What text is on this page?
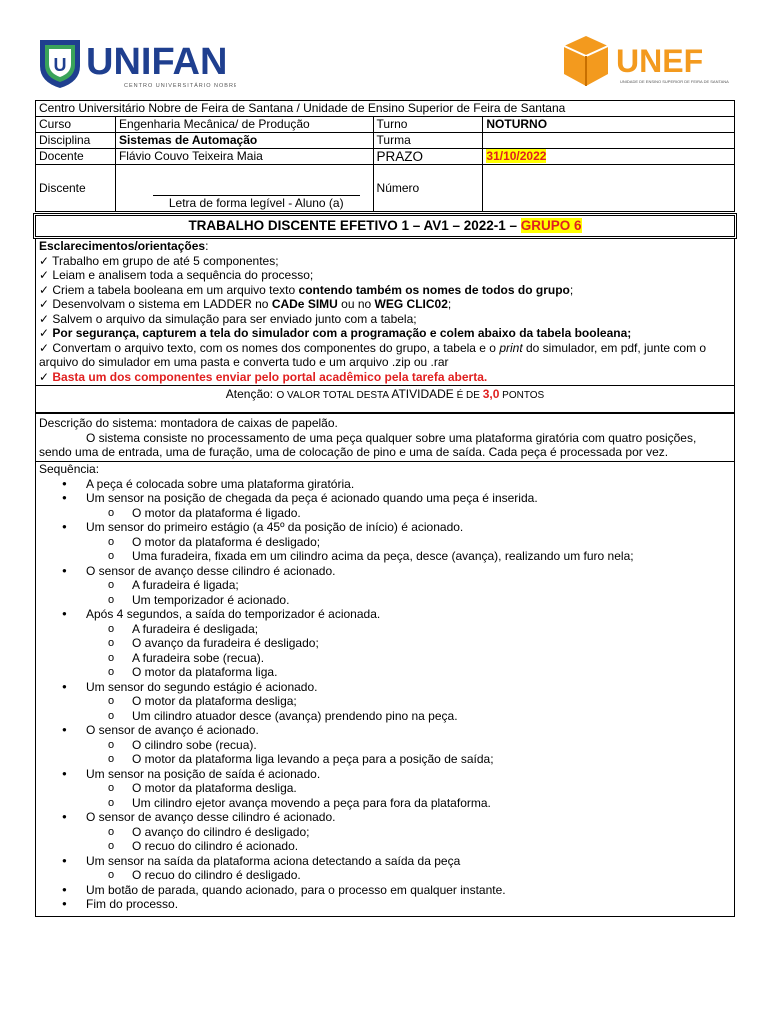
U UNIFAN
CENTRO UNIVERSITÁRIO NOBRE
UNEF
UNIDADE DE ENSINO SUPERIOR DE FEIRA DE SANTANA
Centro Universitário Nobre de Feira de Santana / Unidade de Ensino Superior de Feira de Santana			
Curso	Engenharia Mecânica/ de Produção	Turno	NOTURNO
Disciplina	Sistemas de Automação	Turma	
Docente	Flávio Couvo Teixeira Maia	PRAZO	31/10/2022
Discente	Letra de forma legível - Aluno (a)	Número	
TRABALHO DISCENTE EFETIVO 1 – AV1 – 2022-1 – GRUPO 6
Esclarecimentos/orientações:
✓ Trabalho em grupo de até 5 componentes;
✓ Leiam e analisem toda a sequência do processo;
✓ Criem a tabela booleana em um arquivo texto contendo também os nomes de todos do grupo;
✓ Desenvolvam o sistema em LADDER no CADe SIMU ou no WEG CLIC02;
✓ Salvem o arquivo da simulação para ser enviado junto com a tabela;
✓ Por segurança, capturem a tela do simulador com a programação e colem abaixo da tabela booleana;
✓ Convertam o arquivo texto, com os nomes dos componentes do grupo, a tabela e o print do simulador, em pdf, junte com o arquivo do simulador em uma pasta e converta tudo e um arquivo .zip ou .rar
✓ Basta um dos componentes enviar pelo portal acadêmico pela tarefa aberta.
Atenção: O VALOR TOTAL DESTA ATIVIDADE É DE 3,0 PONTOS
Descrição do sistema: montadora de caixas de papelão.
O sistema consiste no processamento de uma peça qualquer sobre uma plataforma giratória com quatro posições, sendo uma de entrada, uma de furação, uma de colocação de pino e uma de saída. Cada peça é processada por vez.
Sequência:
● A peça é colocada sobre uma plataforma giratória.
● Um sensor na posição de chegada da peça é acionado quando uma peça é inserida.
o O motor da plataforma é ligado.
● Um sensor do primeiro estágio (a 45º da posição de início) é acionado.
o O motor da plataforma é desligado;
o Uma furadeira, fixada em um cilindro acima da peça, desce (avança), realizando um furo nela;
● O sensor de avanço desse cilindro é acionado.
o A furadeira é ligada;
o Um temporizador é acionado.
● Após 4 segundos, a saída do temporizador é acionada.
o A furadeira é desligada;
o O avanço da furadeira é desligado;
o A furadeira sobe (recua).
o O motor da plataforma liga.
● Um sensor do segundo estágio é acionado.
o O motor da plataforma desliga;
o Um cilindro atuador desce (avança) prendendo pino na peça.
● O sensor de avanço é acionado.
o O cilindro sobe (recua).
o O motor da plataforma liga levando a peça para a posição de saída;
● Um sensor na posição de saída é acionado.
o O motor da plataforma desliga.
o Um cilindro ejetor avança movendo a peça para fora da plataforma.
● O sensor de avanço desse cilindro é acionado.
o O avanço do cilindro é desligado;
o O recuo do cilindro é acionado.
● Um sensor na saída da plataforma aciona detectando a saída da peça
o O recuo do cilindro é desligado.
● Um botão de parada, quando acionado, para o processo em qualquer instante.
● Fim do processo.
